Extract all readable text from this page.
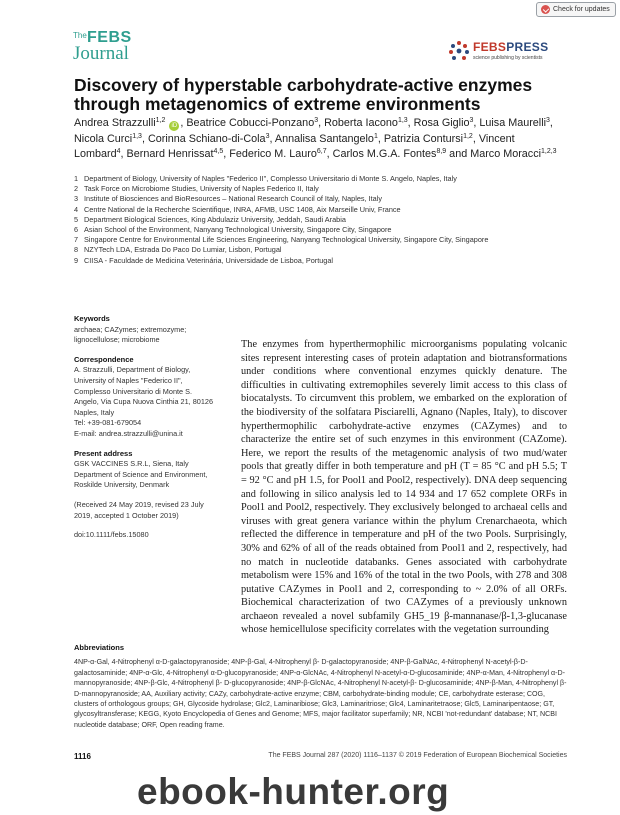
Check for updates
The FEBS
Journal	FEBSPRESS
science publishing by scientists
Discovery of hyperstable carbohydrate-active enzymes through metagenomics of extreme environments
Andrea Strazzulli$^{1,2}$ iD , Beatrice Cobucci-Ponzano$^3$, Roberta Iacono$^{1,3}$, Rosa Giglio$^3$, Luisa Maurelli$^3$, Nicola Curci$^{1,3}$, Corinna Schiano-di-Cola$^3$, Annalisa Santangelo$^1$, Patrizia Contursi$^{1,2}$, Vincent Lombard$^4$, Bernard Henrissat$^{4,5}$, Federico M. Lauro$^{6,7}$, Carlos M.G.A. Fontes$^{8,9}$ and Marco Moracci$^{1,2,3}$
1 Department of Biology, University of Naples "Federico II", Complesso Universitario di Monte S. Angelo, Naples, Italy
2 Task Force on Microbiome Studies, University of Naples Federico II, Italy
3 Institute of Biosciences and BioResources – National Research Council of Italy, Naples, Italy
4 Centre National de la Recherche Scientifique, INRA, AFMB, USC 1408, Aix Marseille Univ, France
5 Department Biological Sciences, King Abdulaziz University, Jeddah, Saudi Arabia
6 Asian School of the Environment, Nanyang Technological University, Singapore City, Singapore
7 Singapore Centre for Environmental Life Sciences Engineering, Nanyang Technological University, Singapore City, Singapore
8 NZYTech LDA, Estrada Do Paco Do Lumiar, Lisbon, Portugal
9 CIISA - Faculdade de Medicina Veterinária, Universidade de Lisboa, Portugal
Keywords

archaea; CAZymes; extremozyme;
lignocellulose; microbiome

Correspondence

A. Strazzulli, Department of Biology,
University of Naples "Federico II",
Complesso Universitario di Monte S.
Angelo, Via Cupa Nuova Cinthia 21, 80126
Naples, Italy
Tel: +39-081-679054
E-mail: andrea.strazzulli@unina.it

Present address

GSK VACCINES S.R.L, Siena, Italy
Department of Science and Environment,
Roskilde University, Denmark

(Received 24 May 2019, revised 23 July
2019, accepted 1 October 2019)

doi:10.1111/febs.15080

The enzymes from hyperthermophilic microorganisms populating volcanic sites represent interesting cases of protein adaptation and biotransformations under conditions where conventional enzymes quickly denature. The difficulties in cultivating extremophiles severely limit access to this class of biocatalysts. To circumvent this problem, we embarked on the exploration of the biodiversity of the solfatara Pisciarelli, Agnano (Naples, Italy), to discover hyperthermophilic carbohydrate-active enzymes (CAZymes) and to characterize the entire set of such enzymes in this environment (CAZome). Here, we report the results of the metagenomic analysis of two mud/water pools that greatly differ in both temperature and pH (T = 85 °C and pH 5.5; T = 92 °C and pH 1.5, for Pool1 and Pool2, respectively). DNA deep sequencing and following in silico analysis led to 14 934 and 17 652 complete ORFs in Pool1 and Pool2, respectively. They exclusively belonged to archaeal cells and viruses with great genera variance within the phylum Crenarchaeota, which reflected the difference in temperature and pH of the two Pools. Surprisingly, 30% and 62% of all of the reads obtained from Pool1 and 2, respectively, had no match in nucleotide databanks. Genes associated with carbohydrate metabolism were 15% and 16% of the total in the two Pools, with 278 and 308 putative CAZymes in Pool1 and 2, corresponding to ~ 2.0% of all ORFs. Biochemical characterization of two CAZymes of a previously unknown archaeon revealed a novel subfamily GH5_19 β-mannanase/β-1,3-glucanase whose hemicellulose specificity correlates with the vegetation surrounding
Abbreviations

4NP-α-Gal, 4-Nitrophenyl α-D-galactopyranoside; 4NP-β-Gal, 4-Nitrophenyl β- D-galactopyranoside; 4NP-β-GalNAc, 4-Nitrophenyl N-acetyl-β-D-galactosaminide; 4NP-α-Glc, 4-Nitrophenyl α-D-glucopyranoside; 4NP-α-GlcNAc, 4-Nitrophenyl N-acetyl-α-D-glucosaminide; 4NP-α-Man, 4-Nitrophenyl α-D-mannopyranoside; 4NP-β-Glc, 4-Nitrophenyl β- D-glucopyranoside; 4NP-β-GlcNAc, 4-Nitrophenyl N-acetyl-β- D-glucosaminide; 4NP-β-Man, 4-Nitrophenyl β- D-mannopyranoside; AA, Auxiliary activity; CAZy, carbohydrate-active enzyme; CBM, carbohydrate-binding module; CE, carbohydrate esterase; COG, clusters of orthologous groups; GH, Glycoside hydrolase; Glc2, Laminaribiose; Glc3, Laminaritriose; Glc4, Laminaritetraose; Glc5, Laminaripentaose; GT, glycosyltransferase; KEGG, Kyoto Encyclopedia of Genes and Genome; MFS, major facilitator superfamily; NR, NCBI 'not-redundant' database; NT, NCBI nucleotide database; ORF, Open reading frame.

1116	The FEBS Journal 287 (2020) 1116–1137 © 2019 Federation of European Biochemical Societies
ebook-hunter.org
